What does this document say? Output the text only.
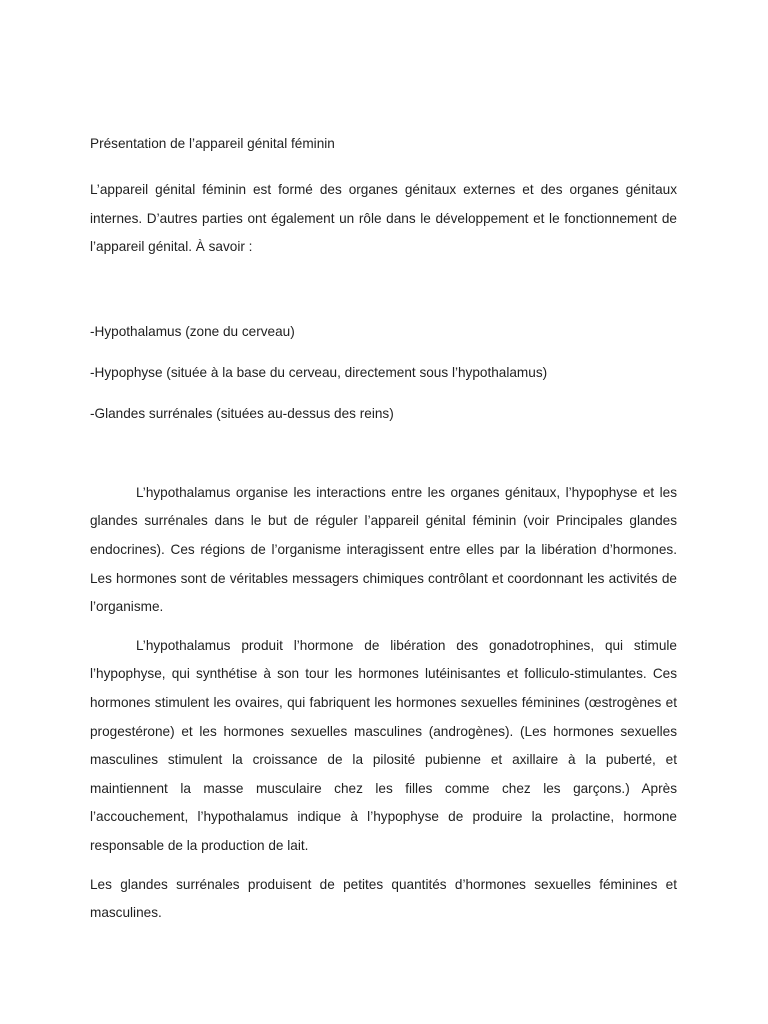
Présentation de l’appareil génital féminin

L’appareil génital féminin est formé des organes génitaux externes et des organes génitaux internes. D’autres parties ont également un rôle dans le développement et le fonctionnement de l’appareil génital. À savoir :

-Hypothalamus (zone du cerveau)

-Hypophyse (située à la base du cerveau, directement sous l’hypothalamus)

-Glandes surrénales (situées au-dessus des reins)

L’hypothalamus organise les interactions entre les organes génitaux, l’hypophyse et les glandes surrénales dans le but de réguler l’appareil génital féminin (voir Principales glandes endocrines). Ces régions de l’organisme interagissent entre elles par la libération d’hormones. Les hormones sont de véritables messagers chimiques contrôlant et coordonnant les activités de l’organisme.

L’hypothalamus produit l’hormone de libération des gonadotrophines, qui stimule l’hypophyse, qui synthétise à son tour les hormones lutéinisantes et folliculo-stimulantes. Ces hormones stimulent les ovaires, qui fabriquent les hormones sexuelles féminines (œstrogènes et progestérone) et les hormones sexuelles masculines (androgènes). (Les hormones sexuelles masculines stimulent la croissance de la pilosité pubienne et axillaire à la puberté, et maintiennent la masse musculaire chez les filles comme chez les garçons.) Après l’accouchement, l’hypothalamus indique à l’hypophyse de produire la prolactine, hormone responsable de la production de lait.

Les glandes surrénales produisent de petites quantités d’hormones sexuelles féminines et masculines.
